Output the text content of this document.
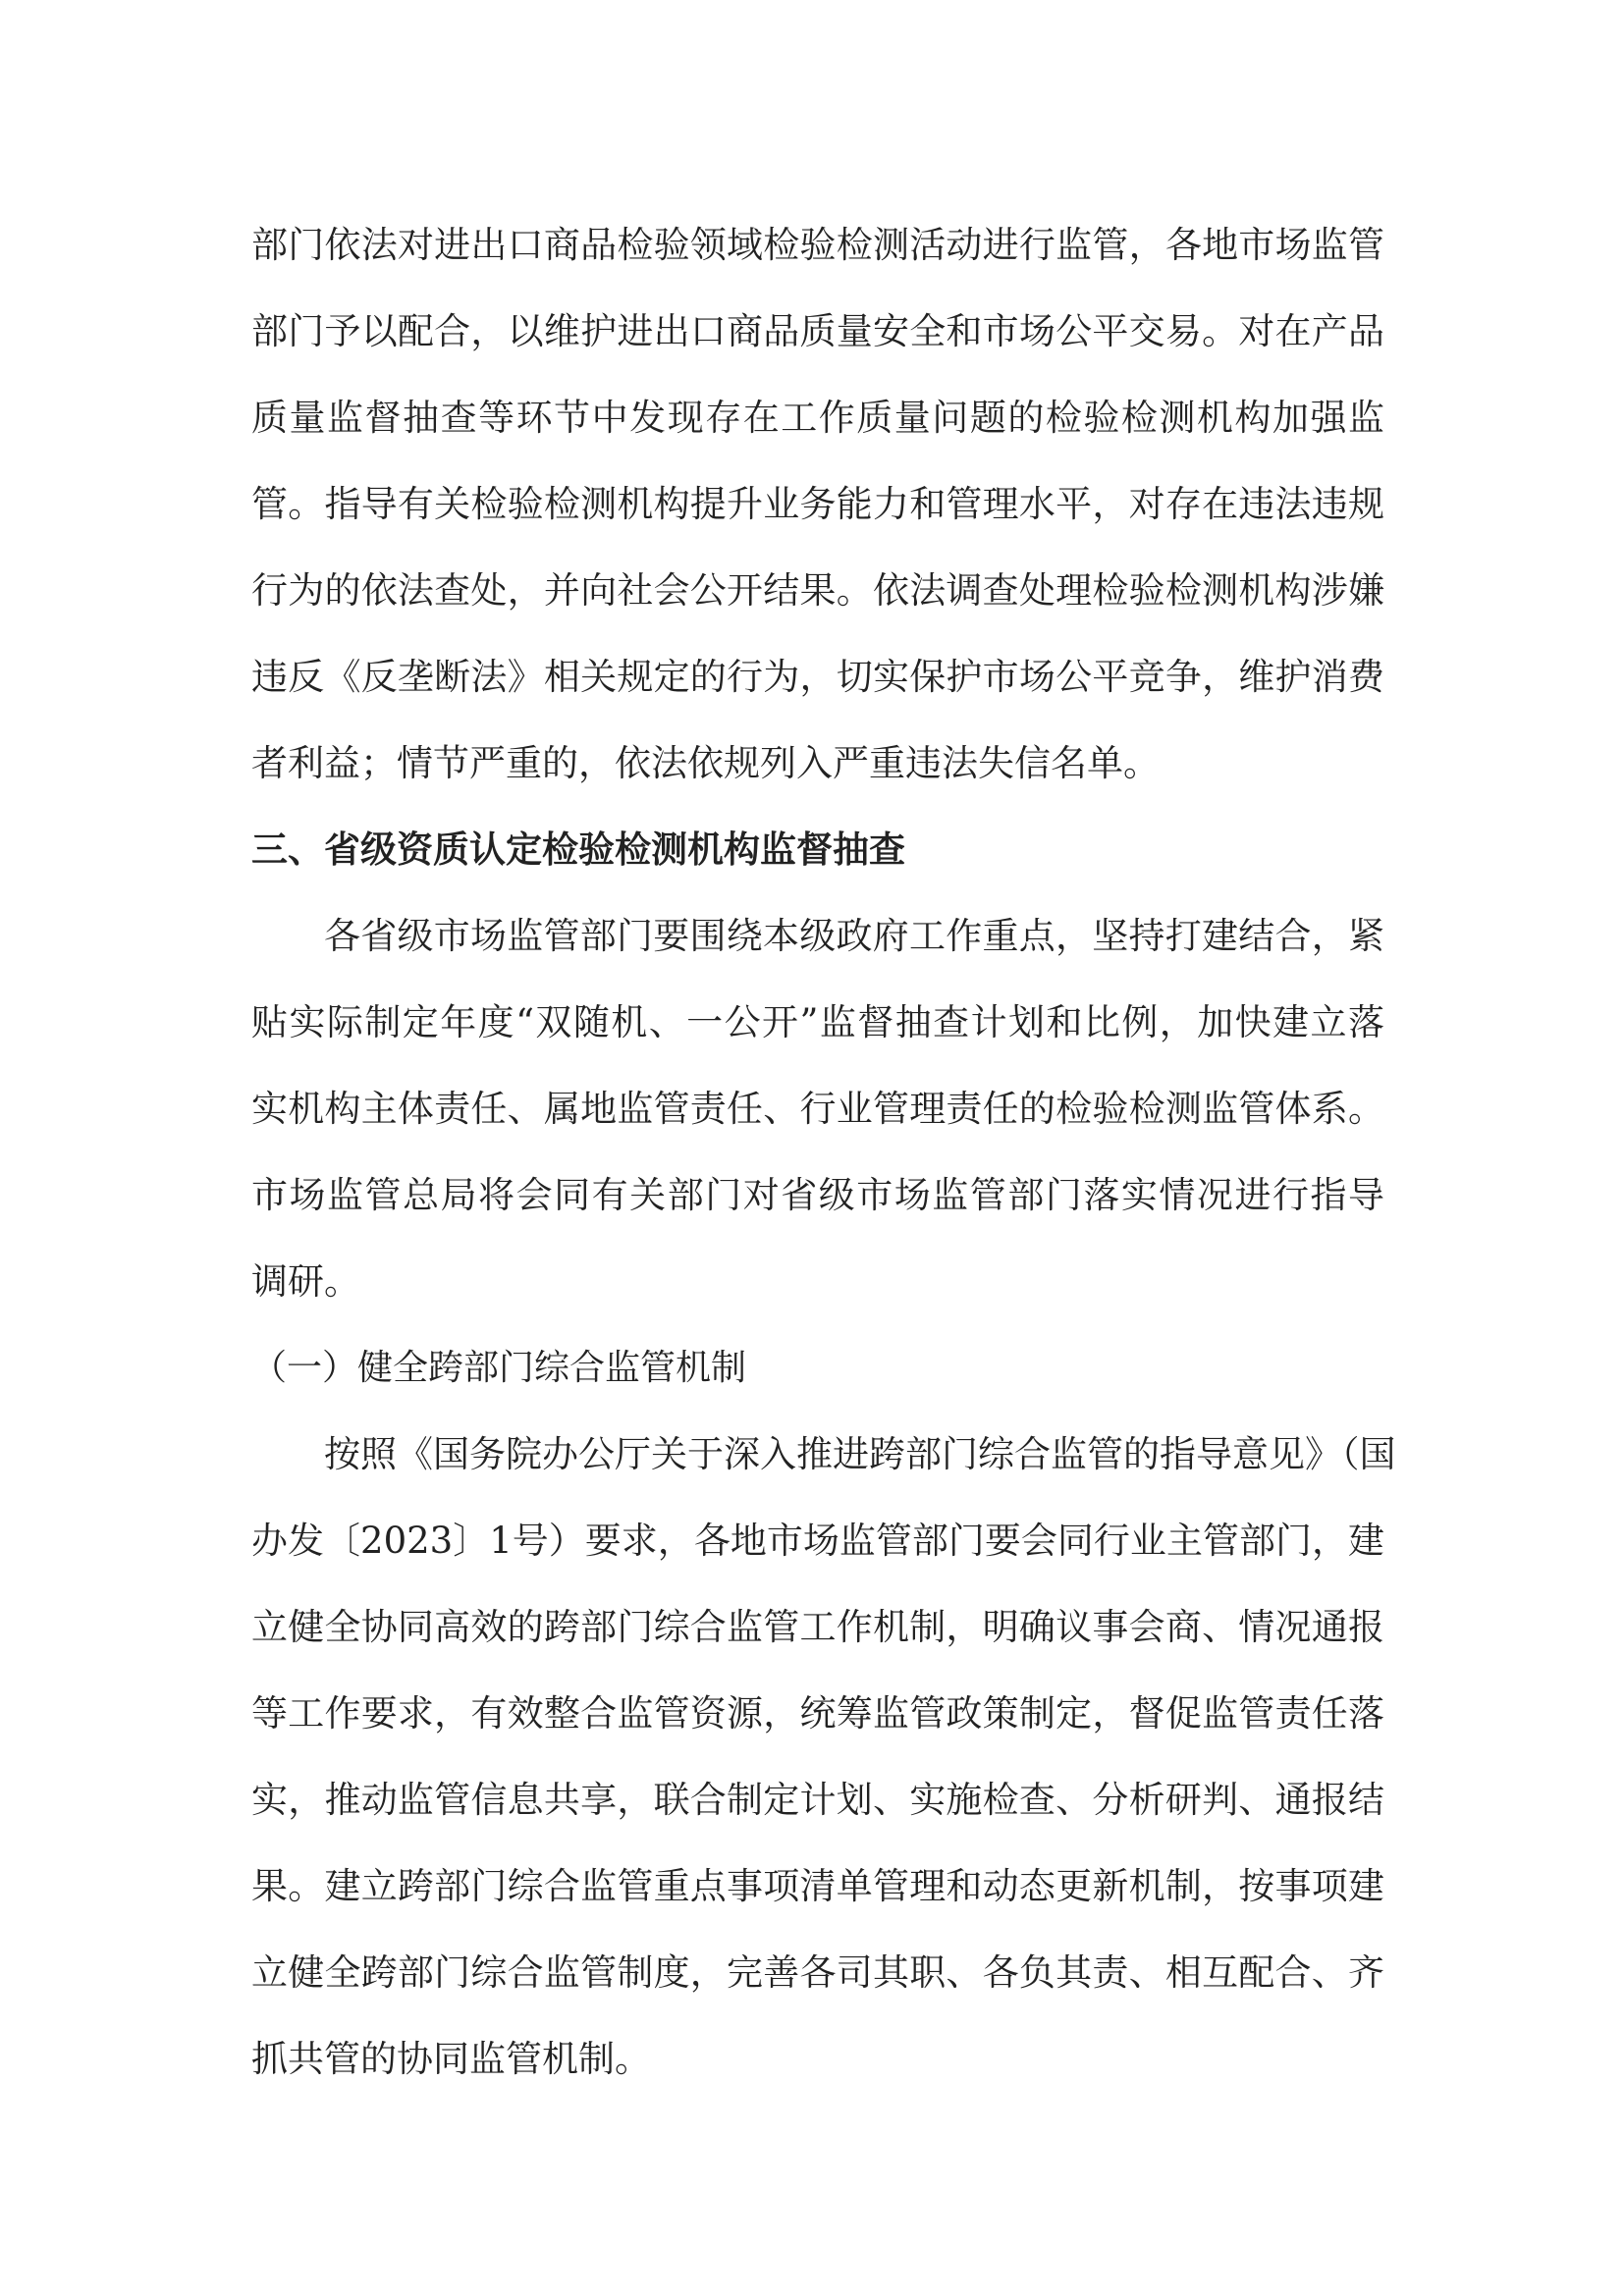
部门依法对进出口商品检验领域检验检测活动进行监管，各地市场监管
部门予以配合，以维护进出口商品质量安全和市场公平交易。对在产品
质量监督抽查等环节中发现存在工作质量问题的检验检测机构加强监
管。指导有关检验检测机构提升业务能力和管理水平，对存在违法违规
行为的依法查处，并向社会公开结果。依法调查处理检验检测机构涉嫌
违反《反垄断法》相关规定的行为，切实保护市场公平竞争，维护消费
者利益；情节严重的，依法依规列入严重违法失信名单。
三、省级资质认定检验检测机构监督抽查
各省级市场监管部门要围绕本级政府工作重点，坚持打建结合，紧
贴实际制定年度“双随机、一公开”监督抽查计划和比例，加快建立落
实机构主体责任、属地监管责任、行业管理责任的检验检测监管体系。
市场监管总局将会同有关部门对省级市场监管部门落实情况进行指导
调研。
（一）健全跨部门综合监管机制
按照《国务院办公厅关于深入推进跨部门综合监管的指导意见》（国
办发〔2023〕1号）要求，各地市场监管部门要会同行业主管部门，建
立健全协同高效的跨部门综合监管工作机制，明确议事会商、情况通报
等工作要求，有效整合监管资源，统筹监管政策制定，督促监管责任落
实，推动监管信息共享，联合制定计划、实施检查、分析研判、通报结
果。建立跨部门综合监管重点事项清单管理和动态更新机制，按事项建
立健全跨部门综合监管制度，完善各司其职、各负其责、相互配合、齐
抓共管的协同监管机制。
